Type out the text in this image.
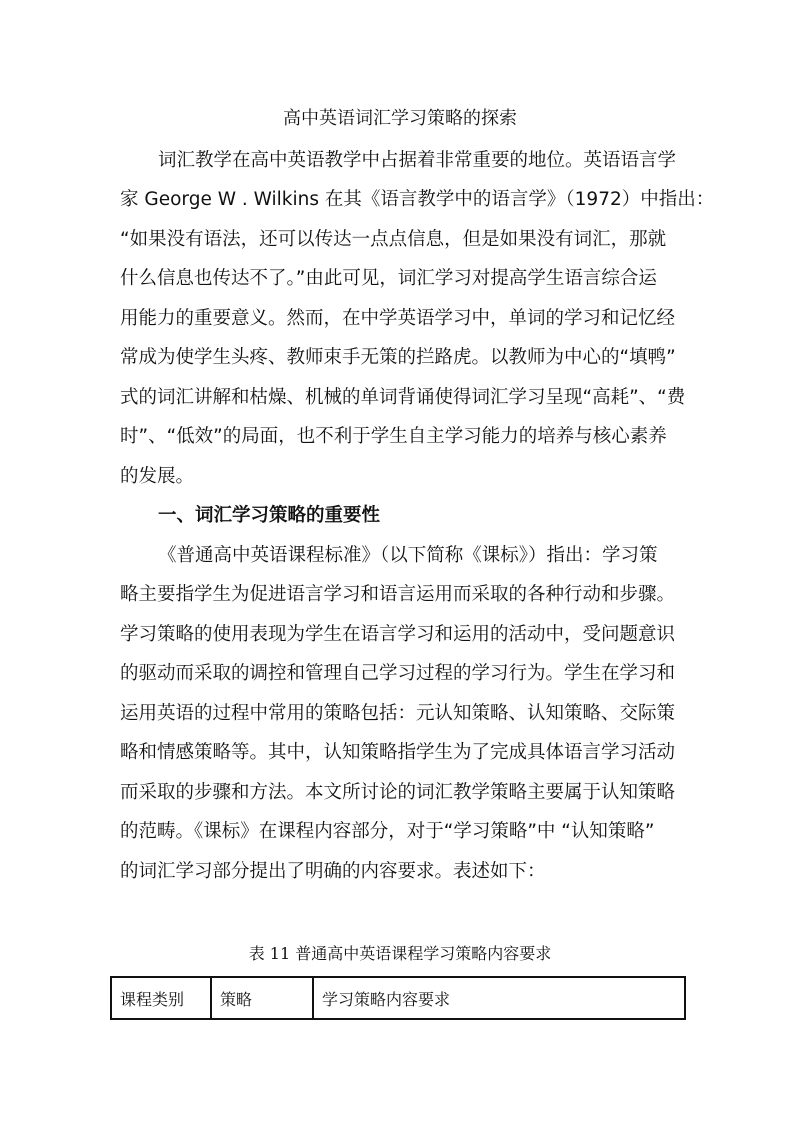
高中英语词汇学习策略的探索
词汇教学在高中英语教学中占据着非常重要的地位。英语语言学
家 George W . Wilkins 在其《语言教学中的语言学》（1972）中指出：
“如果没有语法，还可以传达一点点信息，但是如果没有词汇，那就
什么信息也传达不了。”由此可见，词汇学习对提高学生语言综合运
用能力的重要意义。然而，在中学英语学习中，单词的学习和记忆经
常成为使学生头疼、教师束手无策的拦路虎。以教师为中心的“填鸭”
式的词汇讲解和枯燥、机械的单词背诵使得词汇学习呈现“高耗”、“费
时”、“低效”的局面，也不利于学生自主学习能力的培养与核心素养
的发展。
一、词汇学习策略的重要性
《普通高中英语课程标准》（以下简称《课标》）指出：学习策
略主要指学生为促进语言学习和语言运用而采取的各种行动和步骤。
学习策略的使用表现为学生在语言学习和运用的活动中，受问题意识
的驱动而采取的调控和管理自己学习过程的学习行为。学生在学习和
运用英语的过程中常用的策略包括：元认知策略、认知策略、交际策
略和情感策略等。其中，认知策略指学生为了完成具体语言学习活动
而采取的步骤和方法。本文所讨论的词汇教学策略主要属于认知策略
的范畴。《课标》在课程内容部分，对于“学习策略”中 “认知策略”
的词汇学习部分提出了明确的内容要求。表述如下：
表 11 普通高中英语课程学习策略内容要求
课程类别	策略	学习策略内容要求
